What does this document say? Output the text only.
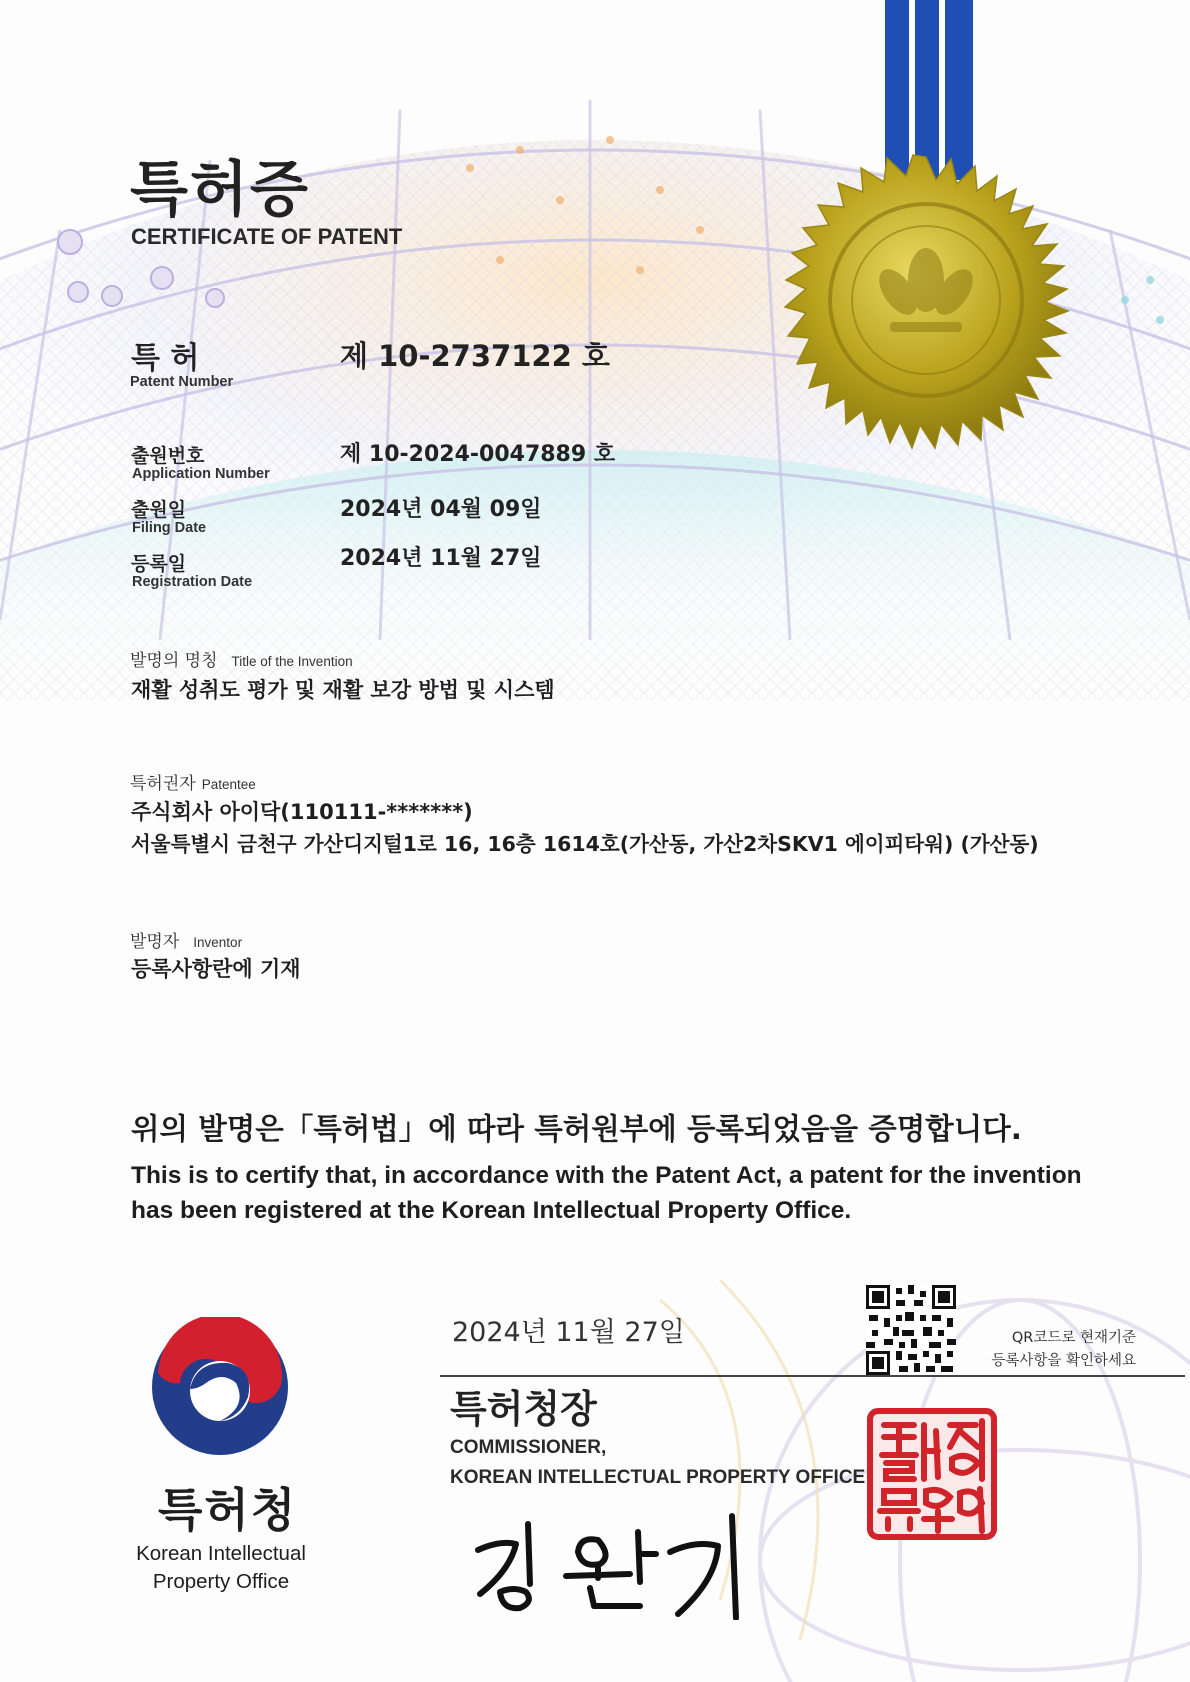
특허증
CERTIFICATE OF PATENT
특 허
Patent Number
제 10-2737122 호
출원번호
Application Number
제 10-2024-0047889 호
출원일
Filing Date
2024년 04월 09일
등록일
Registration Date
2024년 11월 27일
발명의 명칭 Title of the Invention
재활 성취도 평가 및 재활 보강 방법 및 시스템
특허권자 Patentee
주식회사 아이닥(110111-*******)
서울특별시 금천구 가산디지털1로 16, 16층 1614호(가산동, 가산2차SKV1 에이피타워) (가산동)
발명자 Inventor
등록사항란에 기재
위의 발명은「특허법」에 따라 특허원부에 등록되었음을 증명합니다.
This is to certify that, in accordance with the Patent Act, a patent for the invention has been registered at the Korean Intellectual Property Office.
2024년 11월 27일
특허청장
COMMISSIONER,
KOREAN INTELLECTUAL PROPERTY OFFICE
QR코드로 현재기준
등록사항을 확인하세요
특허청
Korean Intellectual
Property Office
